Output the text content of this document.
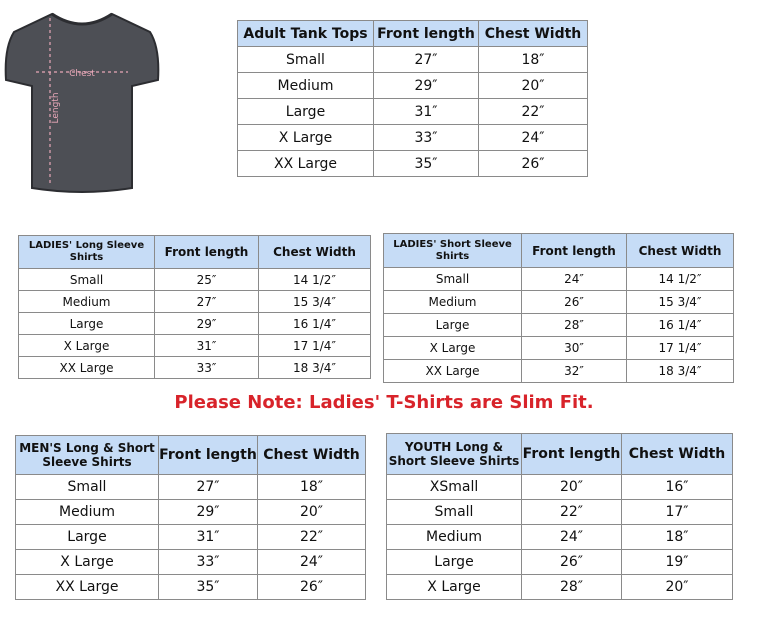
Chest
Length
Adult Tank Tops	Front length	Chest Width
Small	27″	18″
Medium	29″	20″
Large	31″	22″
X Large	33″	24″
XX Large	35″	26″
LADIES' Long Sleeve Shirts	Front length	Chest Width
Small	25″	14 1/2″
Medium	27″	15 3/4″
Large	29″	16 1/4″
X Large	31″	17 1/4″
XX Large	33″	18 3/4″
LADIES' Short Sleeve Shirts	Front length	Chest Width
Small	24″	14 1/2″
Medium	26″	15 3/4″
Large	28″	16 1/4″
X Large	30″	17 1/4″
XX Large	32″	18 3/4″
Please Note: Ladies' T-Shirts are Slim Fit.
MEN'S Long & Short Sleeve Shirts	Front length	Chest Width
Small	27″	18″
Medium	29″	20″
Large	31″	22″
X Large	33″	24″
XX Large	35″	26″
YOUTH Long & Short Sleeve Shirts	Front length	Chest Width
XSmall	20″	16″
Small	22″	17″
Medium	24″	18″
Large	26″	19″
X Large	28″	20″
